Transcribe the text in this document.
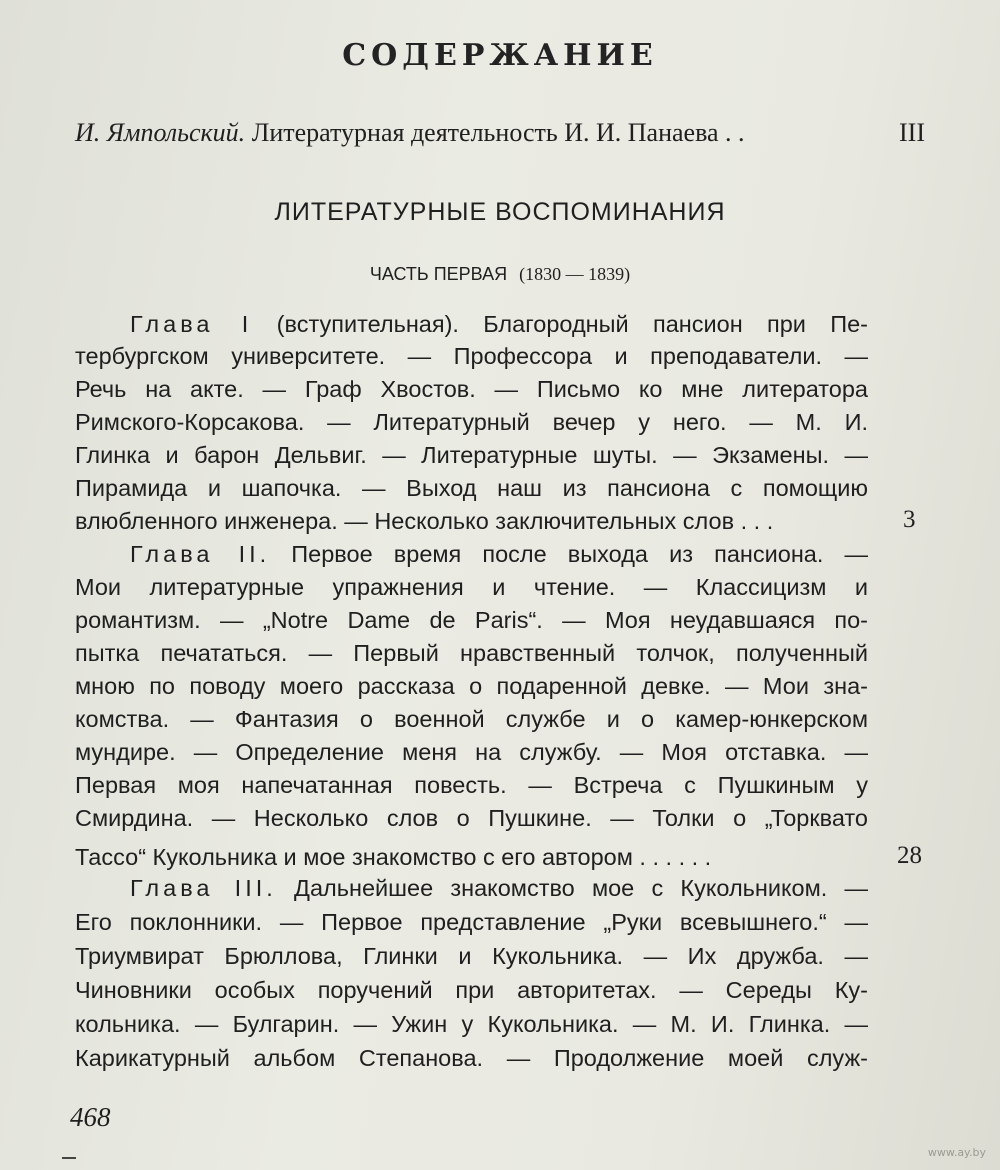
СОДЕРЖАНИЕ
И. Ямпольский. Литературная деятельность И. И. Панаева . .	III
ЛИТЕРАТУРНЫЕ ВОСПОМИНАНИЯ
ЧАСТЬ ПЕРВАЯ (1830 — 1839)
Глава I (вступительная). Благородный пансион при Пе-
тербургском университете. — Профессора и преподаватели. —
Речь на акте. — Граф Хвостов. — Письмо ко мне литератора
Римского-Корсакова. — Литературный вечер у него. — М. И.
Глинка и барон Дельвиг. — Литературные шуты. — Экзамены. —
Пирамида и шапочка. — Выход наш из пансиона с помощию
влюбленного инженера. — Несколько заключительных слов . . .	3
Глава II. Первое время после выхода из пансиона. —
Мои литературные упражнения и чтение. — Классицизм и
романтизм. — „Notre Dame de Paris“. — Моя неудавшаяся по-
пытка печататься. — Первый нравственный толчок, полученный
мною по поводу моего рассказа о подаренной девке. — Мои зна-
комства. — Фантазия о военной службе и о камер-юнкерском
мундире. — Определение меня на службу. — Моя отставка. —
Первая моя напечатанная повесть. — Встреча с Пушкиным у
Смирдина. — Несколько слов о Пушкине. — Толки о „Торквато
Тассо“ Кукольника и мое знакомство с его автором . . . . . .	28
Глава III. Дальнейшее знакомство мое с Кукольником. —
Его поклонники. — Первое представление „Руки всевышнего.“ —
Триумвират Брюллова, Глинки и Кукольника. — Их дружба. —
Чиновники особых поручений при авторитетах. — Середы Ку-
кольника. — Булгарин. — Ужин у Кукольника. — М. И. Глинка. —
Карикатурный альбом Степанова. — Продолжение моей служ-
468
www.ay.by
